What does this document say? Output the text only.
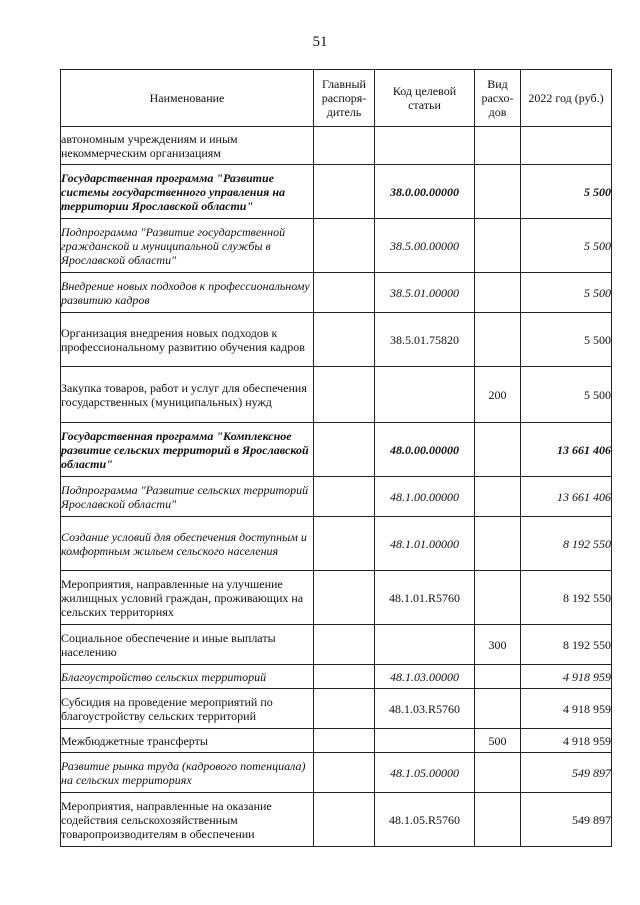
51
Наименование	Главный распоря-дитель	Код целевой статьи	Вид расхо-дов	2022 год (руб.)
автономным учреждениям и иным некоммерческим организациям				
Государственная программа "Развитие системы государственного управления на территории Ярославской области"		38.0.00.00000		5 500
Подпрограмма "Развитие государственной гражданской и муниципальной службы в Ярославской области"		38.5.00.00000		5 500
Внедрение новых подходов к профессиональному развитию кадров		38.5.01.00000		5 500
Организация внедрения новых подходов к профессиональному развитию обучения кадров		38.5.01.75820		5 500
Закупка товаров, работ и услуг для обеспечения государственных (муниципальных) нужд			200	5 500
Государственная программа "Комплексное развитие сельских территорий в Ярославской области"		48.0.00.00000		13 661 406
Подпрограмма "Развитие сельских территорий Ярославской области"		48.1.00.00000		13 661 406
Создание условий для обеспечения доступным и комфортным жильем сельского населения		48.1.01.00000		8 192 550
Мероприятия, направленные на улучшение жилищных условий граждан, проживающих на сельских территориях		48.1.01.R5760		8 192 550
Социальное обеспечение и иные выплаты населению			300	8 192 550
Благоустройство сельских территорий		48.1.03.00000		4 918 959
Субсидия на проведение мероприятий по благоустройству сельских территорий		48.1.03.R5760		4 918 959
Межбюджетные трансферты			500	4 918 959
Развитие рынка труда (кадрового потенциала) на сельских территориях		48.1.05.00000		549 897
Мероприятия, направленные на оказание содействия сельскохозяйственным товаропроизводителям в обеспечении		48.1.05.R5760		549 897
